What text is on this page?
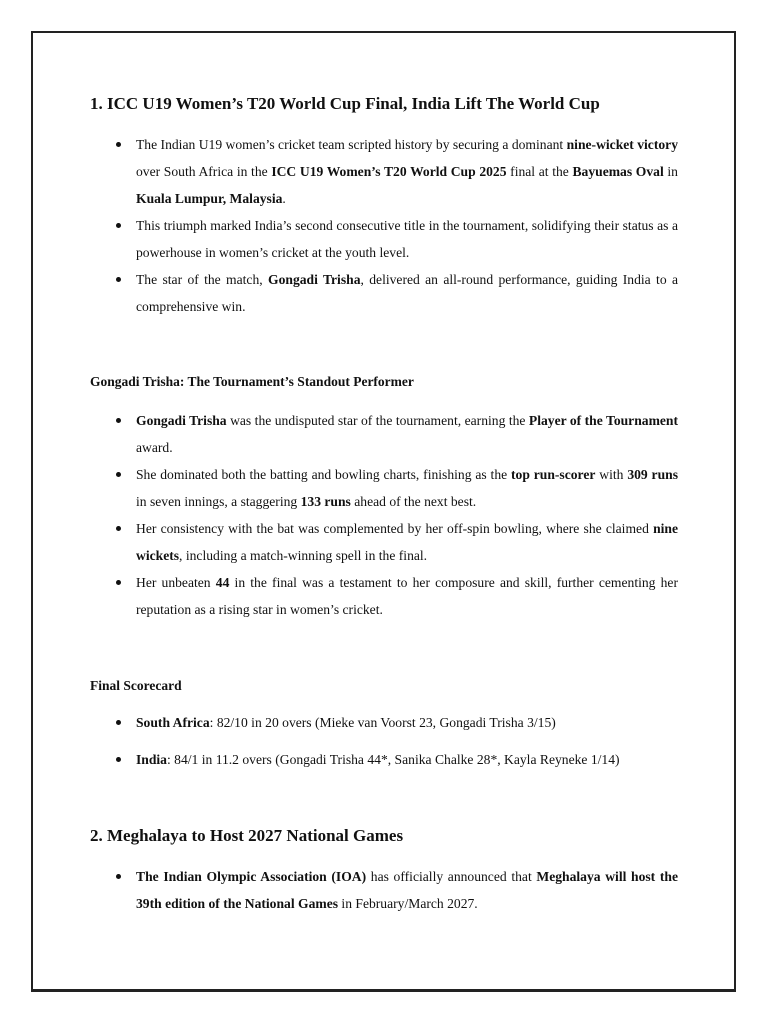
1. ICC U19 Women’s T20 World Cup Final, India Lift The World Cup
The Indian U19 women’s cricket team scripted history by securing a dominant nine-wicket victory over South Africa in the ICC U19 Women’s T20 World Cup 2025 final at the Bayuemas Oval in Kuala Lumpur, Malaysia.
This triumph marked India’s second consecutive title in the tournament, solidifying their status as a powerhouse in women’s cricket at the youth level.
The star of the match, Gongadi Trisha, delivered an all-round performance, guiding India to a comprehensive win.
Gongadi Trisha: The Tournament’s Standout Performer
Gongadi Trisha was the undisputed star of the tournament, earning the Player of the Tournament award.
She dominated both the batting and bowling charts, finishing as the top run-scorer with 309 runs in seven innings, a staggering 133 runs ahead of the next best.
Her consistency with the bat was complemented by her off-spin bowling, where she claimed nine wickets, including a match-winning spell in the final.
Her unbeaten 44 in the final was a testament to her composure and skill, further cementing her reputation as a rising star in women’s cricket.
Final Scorecard
South Africa: 82/10 in 20 overs (Mieke van Voorst 23, Gongadi Trisha 3/15)
India: 84/1 in 11.2 overs (Gongadi Trisha 44*, Sanika Chalke 28*, Kayla Reyneke 1/14)
2. Meghalaya to Host 2027 National Games
The Indian Olympic Association (IOA) has officially announced that Meghalaya will host the 39th edition of the National Games in February/March 2027.
